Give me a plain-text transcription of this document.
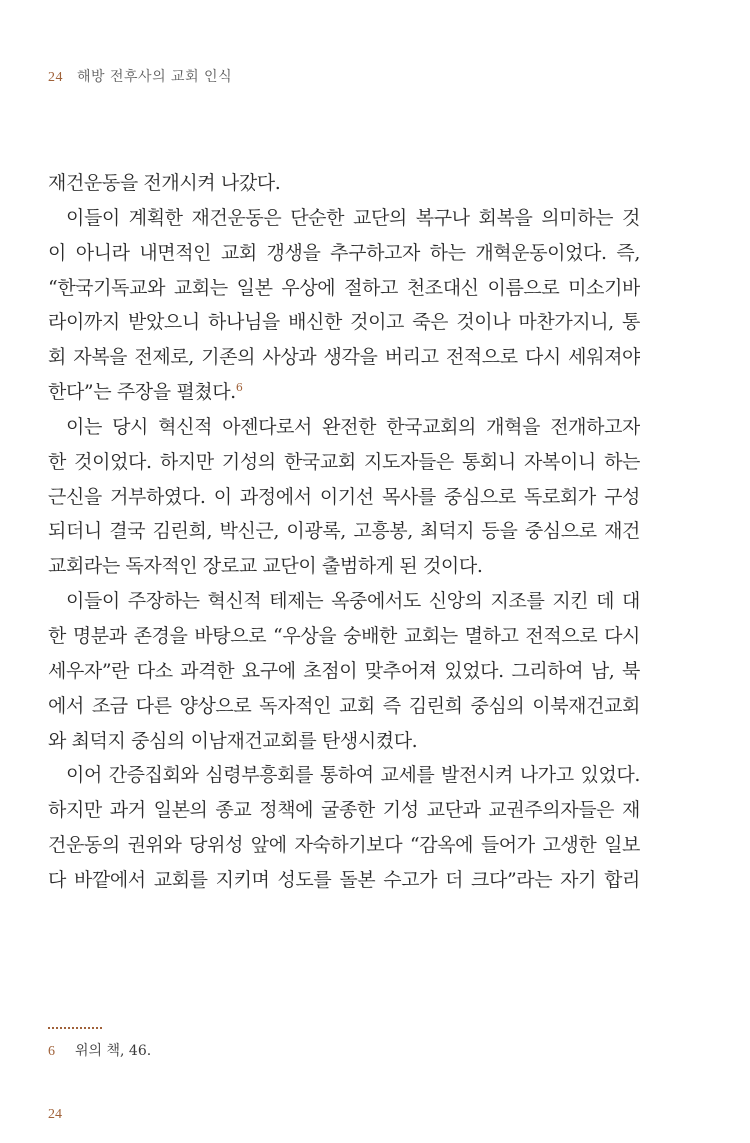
24 해방 전후사의 교회 인식
재건운동을 전개시켜 나갔다.
이들이 계획한 재건운동은 단순한 교단의 복구나 회복을 의미하는 것
이 아니라 내면적인 교회 갱생을 추구하고자 하는 개혁운동이었다. 즉,
“한국기독교와 교회는 일본 우상에 절하고 천조대신 이름으로 미소기바
라이까지 받았으니 하나님을 배신한 것이고 죽은 것이나 마찬가지니, 통
회 자복을 전제로, 기존의 사상과 생각을 버리고 전적으로 다시 세워져야
한다”는 주장을 펼쳤다.$^6$
이는 당시 혁신적 아젠다로서 완전한 한국교회의 개혁을 전개하고자
한 것이었다. 하지만 기성의 한국교회 지도자들은 통회니 자복이니 하는
근신을 거부하였다. 이 과정에서 이기선 목사를 중심으로 독로회가 구성
되더니 결국 김린희, 박신근, 이광록, 고흥봉, 최덕지 등을 중심으로 재건
교회라는 독자적인 장로교 교단이 출범하게 된 것이다.
이들이 주장하는 혁신적 테제는 옥중에서도 신앙의 지조를 지킨 데 대
한 명분과 존경을 바탕으로 “우상을 숭배한 교회는 멸하고 전적으로 다시
세우자”란 다소 과격한 요구에 초점이 맞추어져 있었다. 그리하여 남, 북
에서 조금 다른 양상으로 독자적인 교회 즉 김린희 중심의 이북재건교회
와 최덕지 중심의 이남재건교회를 탄생시켰다.
이어 간증집회와 심령부흥회를 통하여 교세를 발전시켜 나가고 있었다.
하지만 과거 일본의 종교 정책에 굴종한 기성 교단과 교권주의자들은 재
건운동의 권위와 당위성 앞에 자숙하기보다 “감옥에 들어가 고생한 일보
다 바깥에서 교회를 지키며 성도를 돌본 수고가 더 크다”라는 자기 합리
6 위의 책, 46.
24
